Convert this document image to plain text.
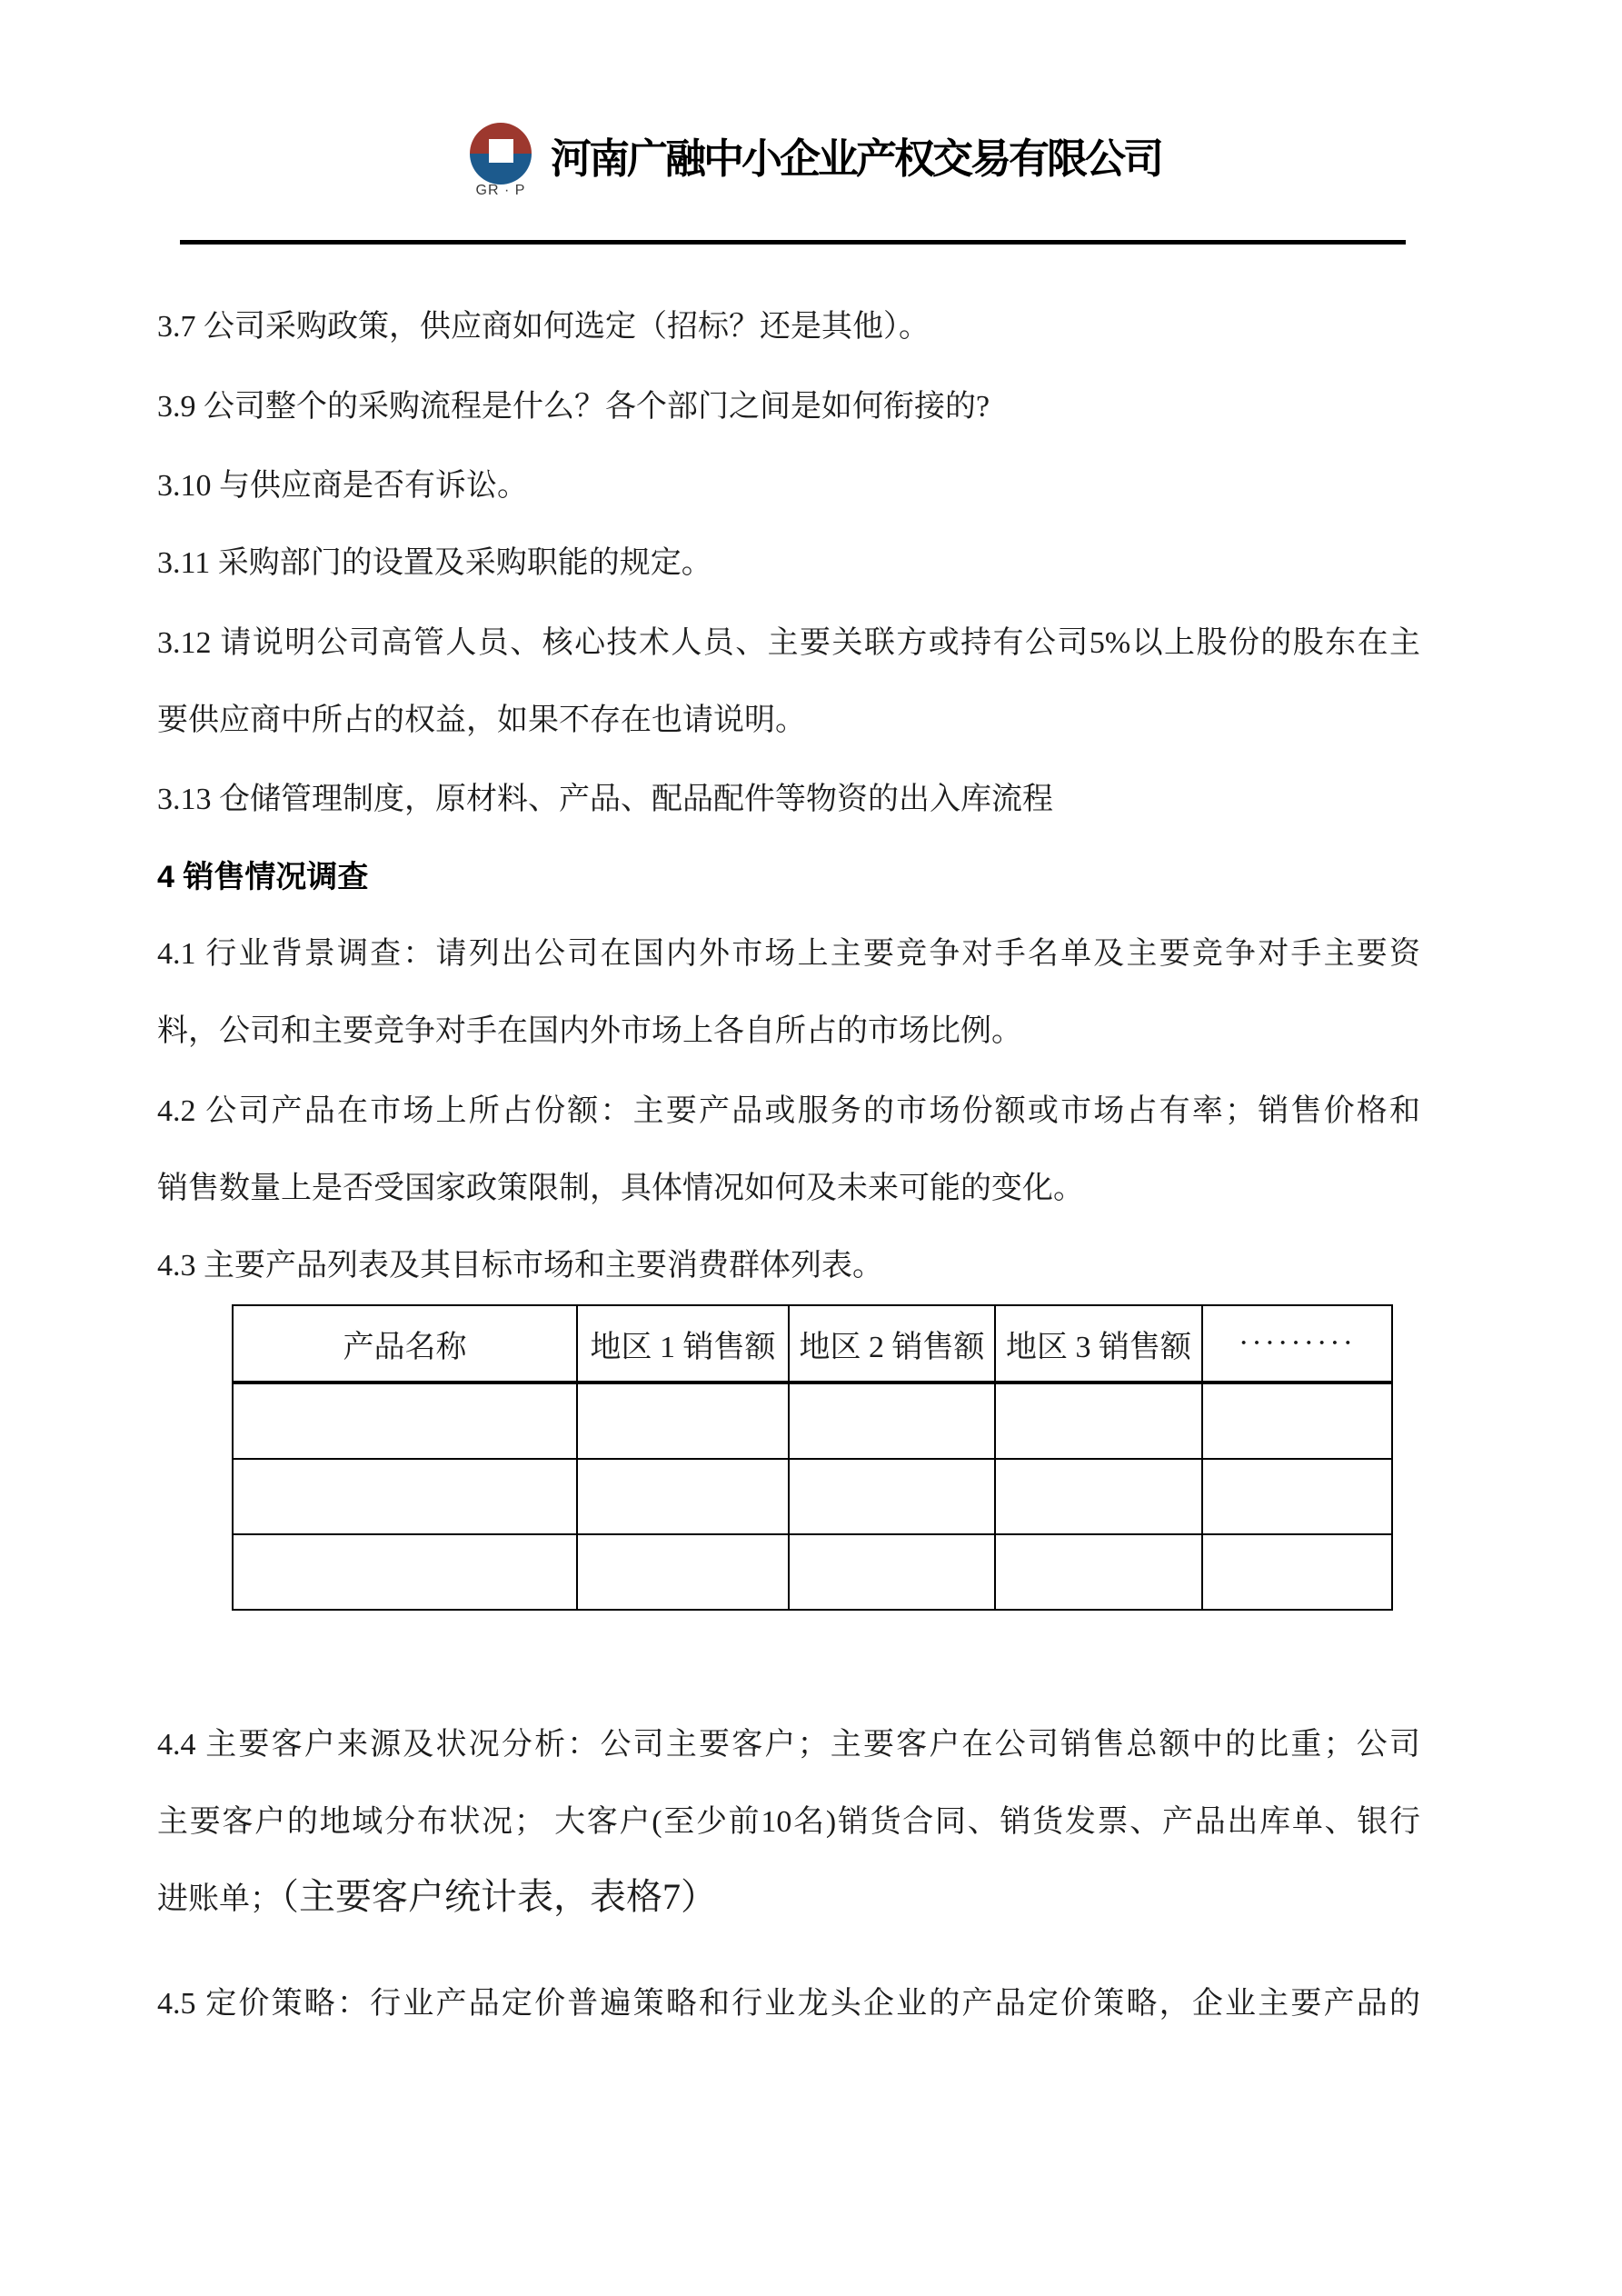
GR · P
河南广融中小企业产权交易有限公司
3.7 公司采购政策，供应商如何选定（招标？还是其他）。
3.9 公司整个的采购流程是什么？各个部门之间是如何衔接的?
3.10 与供应商是否有诉讼。
3.11 采购部门的设置及采购职能的规定。
3.12 请说明公司高管人员、核心技术人员、主要关联方或持有公司5%以上股份的股东在主
要供应商中所占的权益，如果不存在也请说明。
3.13 仓储管理制度，原材料、产品、配品配件等物资的出入库流程
4 销售情况调查
4.1 行业背景调查：请列出公司在国内外市场上主要竞争对手名单及主要竞争对手主要资
料，公司和主要竞争对手在国内外市场上各自所占的市场比例。
4.2 公司产品在市场上所占份额：主要产品或服务的市场份额或市场占有率；销售价格和
销售数量上是否受国家政策限制，具体情况如何及未来可能的变化。
4.3 主要产品列表及其目标市场和主要消费群体列表。
产品名称	地区 1 销售额	地区 2 销售额	地区 3 销售额	·········

4.4 主要客户来源及状况分析：公司主要客户；主要客户在公司销售总额中的比重；公司
主要客户的地域分布状况； 大客户(至少前10名)销货合同、销货发票、产品出库单、银行
进账单；（主要客户统计表，表格7）
4.5 定价策略：行业产品定价普遍策略和行业龙头企业的产品定价策略，企业主要产品的
